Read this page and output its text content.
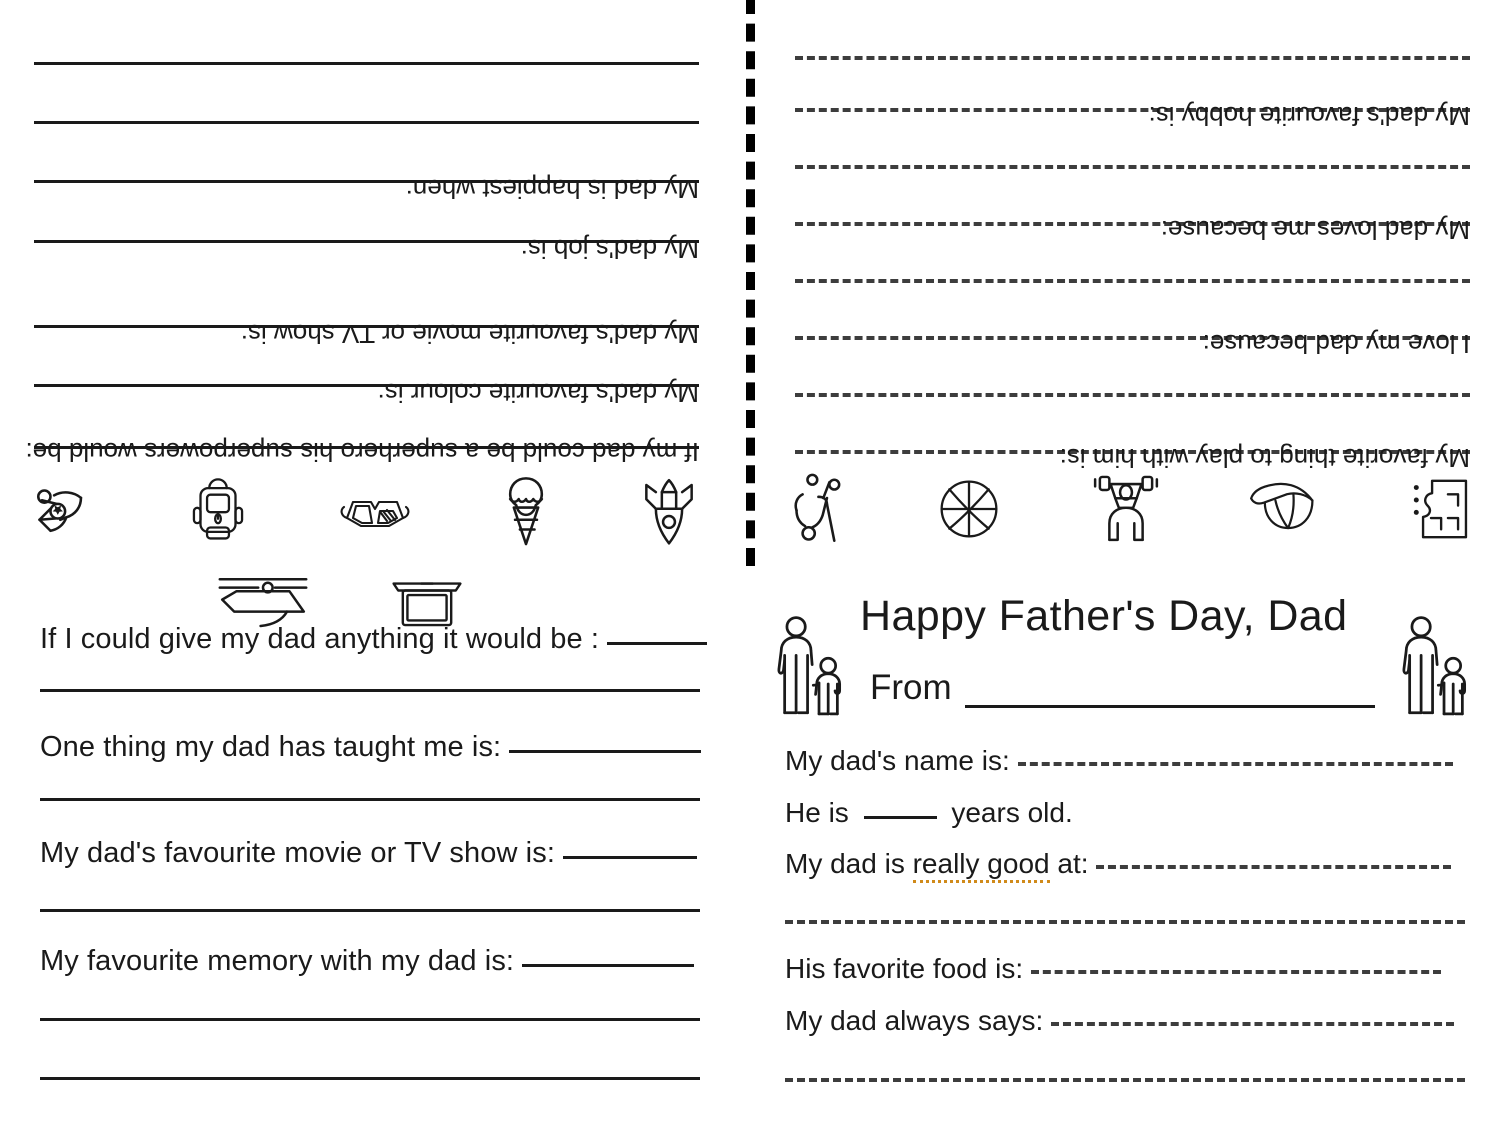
If my dad could be a superhero his superpowers would be:
My dad's favourite colour is:
My dad's favourite movie or TV show is:
My dad's job is:
My dad is happiest when:
If I could give my dad anything it would be :
One thing my dad has taught me is:
My dad's favourite movie or TV show is:
My favourite memory with my dad is:
My favorite thing to play with him is:
I love my dad because:
My dad loves me because:
My dad's favourite hobby is:
Happy Father's Day, Dad
From
My dad's name is:
He is	years old.
My dad is really good at:
His favorite food is:
My dad always says:
